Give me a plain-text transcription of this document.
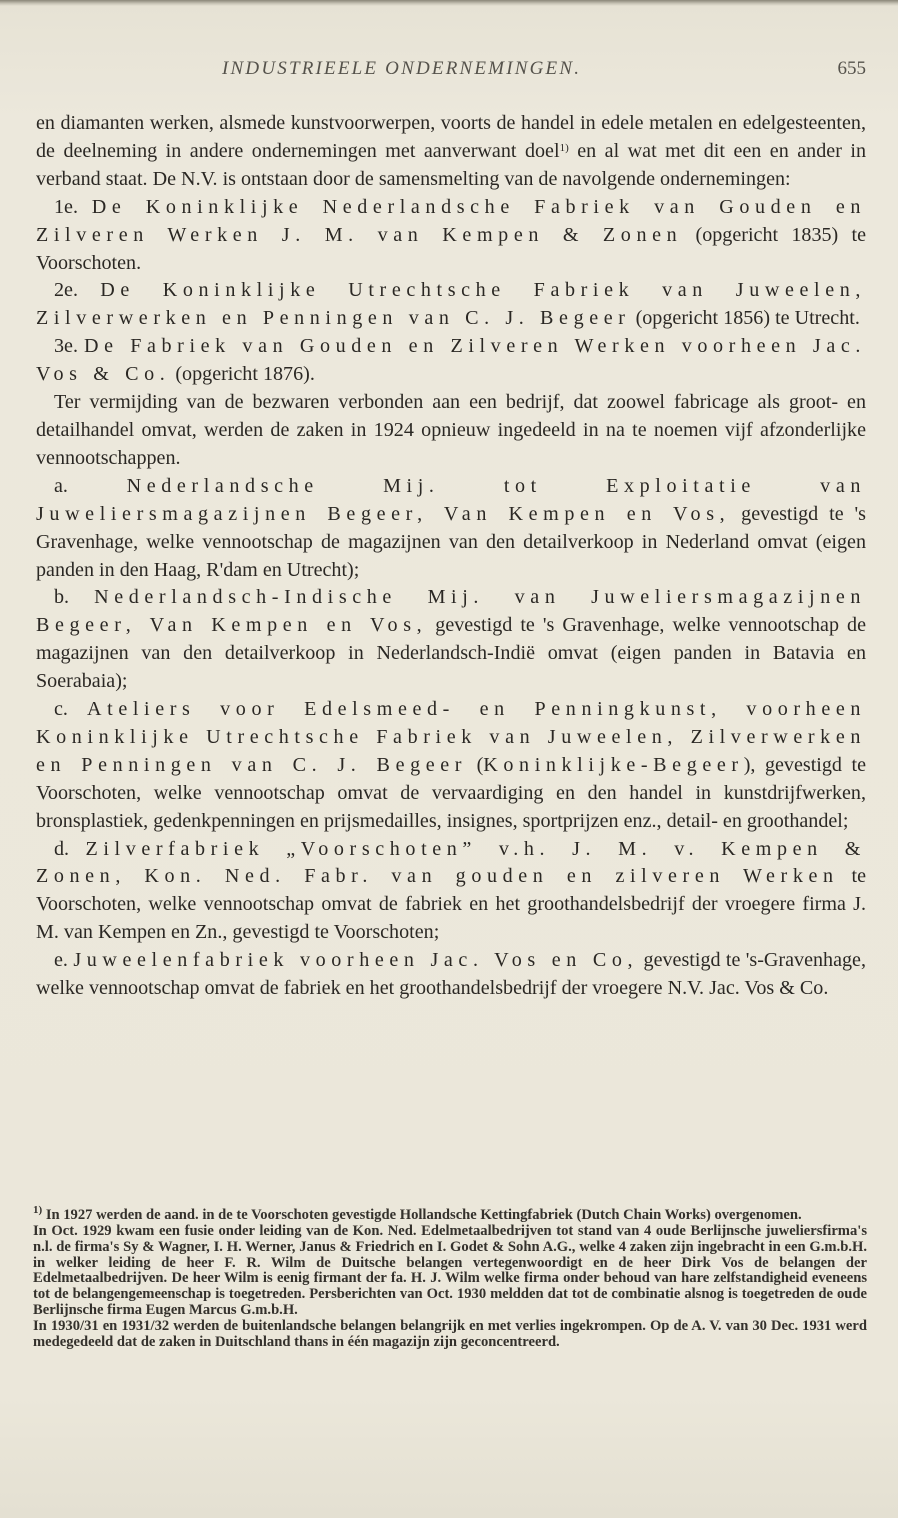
INDUSTRIEELE ONDERNEMINGEN.	655

en diamanten werken, alsmede kunstvoorwerpen, voorts de handel in edele metalen en edelgesteenten, de deelneming in andere ondernemingen met aanverwant doel$^{1)}$ en al wat met dit een en ander in verband staat. De N.V. is ontstaan door de samensmelting van de navolgende ondernemingen:

1e. De Koninklijke Nederlandsche Fabriek van Gouden en Zilveren Werken J. M. van Kempen & Zonen (opgericht 1835) te Voorschoten.

2e. De Koninklijke Utrechtsche Fabriek van Juweelen, Zilverwerken en Penningen van C. J. Begeer (opgericht 1856) te Utrecht.

3e. De Fabriek van Gouden en Zilveren Werken voorheen Jac. Vos & Co. (opgericht 1876).

Ter vermijding van de bezwaren verbonden aan een bedrijf, dat zoowel fabricage als groot- en detailhandel omvat, werden de zaken in 1924 opnieuw ingedeeld in na te noemen vijf afzonderlijke vennootschappen.

a. Nederlandsche Mij. tot Exploitatie van Juweliersmagazijnen Begeer, Van Kempen en Vos, gevestigd te 's Gravenhage, welke vennootschap de magazijnen van den detailverkoop in Nederland omvat (eigen panden in den Haag, R'dam en Utrecht);

b. Nederlandsch-Indische Mij. van Juweliersmagazijnen Begeer, Van Kempen en Vos, gevestigd te 's Gravenhage, welke vennootschap de magazijnen van den detailverkoop in Nederlandsch-Indië omvat (eigen panden in Batavia en Soerabaia);

c. Ateliers voor Edelsmeed- en Penningkunst, voorheen Koninklijke Utrechtsche Fabriek van Juweelen, Zilverwerken en Penningen van C. J. Begeer (Koninklijke-Begeer), gevestigd te Voorschoten, welke vennootschap omvat de vervaardiging en den handel in kunstdrijfwerken, bronsplastiek, gedenkpenningen en prijsmedailles, insignes, sportprijzen enz., detail- en groothandel;

d. Zilverfabriek „Voorschoten” v.h. J. M. v. Kempen & Zonen, Kon. Ned. Fabr. van gouden en zilveren Werken te Voorschoten, welke vennootschap omvat de fabriek en het groothandelsbedrijf der vroegere firma J. M. van Kempen en Zn., gevestigd te Voorschoten;

e. Juweelenfabriek voorheen Jac. Vos en Co, gevestigd te 's-Gravenhage, welke vennootschap omvat de fabriek en het groothandelsbedrijf der vroegere N.V. Jac. Vos & Co.

$^{1)}$ In 1927 werden de aand. in de te Voorschoten gevestigde Hollandsche Kettingfabriek (Dutch Chain Works) overgenomen.

In Oct. 1929 kwam een fusie onder leiding van de Kon. Ned. Edelmetaalbedrijven tot stand van 4 oude Berlijnsche juweliersfirma's n.l. de firma's Sy & Wagner, I. H. Werner, Janus & Friedrich en I. Godet & Sohn A.G., welke 4 zaken zijn ingebracht in een G.m.b.H. in welker leiding de heer F. R. Wilm de Duitsche belangen vertegenwoordigt en de heer Dirk Vos de belangen der Edelmetaalbedrijven. De heer Wilm is eenig firmant der fa. H. J. Wilm welke firma onder behoud van hare zelfstandigheid eveneens tot de belangengemeenschap is toegetreden. Persberichten van Oct. 1930 meldden dat tot de combinatie alsnog is toegetreden de oude Berlijnsche firma Eugen Marcus G.m.b.H.

In 1930/31 en 1931/32 werden de buitenlandsche belangen belangrijk en met verlies ingekrompen. Op de A. V. van 30 Dec. 1931 werd medegedeeld dat de zaken in Duitschland thans in één magazijn zijn geconcentreerd.
